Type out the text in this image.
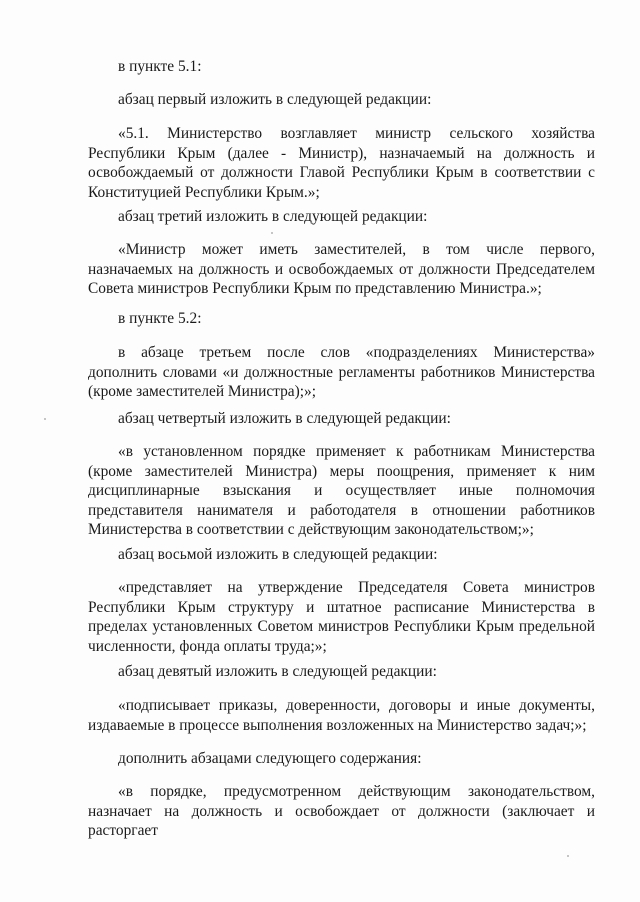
в пункте 5.1:

абзац первый изложить в следующей редакции:

«5.1. Министерство возглавляет министр сельского хозяйства Республики Крым (далее - Министр), назначаемый на должность и освобождаемый от должности Главой Республики Крым в соответствии с Конституцией Республики Крым.»;

абзац третий изложить в следующей редакции:

«Министр может иметь заместителей, в том числе первого, назначаемых на должность и освобождаемых от должности Председателем Совета министров Республики Крым по представлению Министра.»;

в пункте 5.2:

в абзаце третьем после слов «подразделениях Министерства» дополнить словами «и должностные регламенты работников Министерства (кроме заместителей Министра);»;

абзац четвертый изложить в следующей редакции:

«в установленном порядке применяет к работникам Министерства (кроме заместителей Министра) меры поощрения, применяет к ним дисциплинарные взыскания и осуществляет иные полномочия представителя нанимателя и работодателя в отношении работников Министерства в соответствии с действующим законодательством;»;

абзац восьмой изложить в следующей редакции:

«представляет на утверждение Председателя Совета министров Республики Крым структуру и штатное расписание Министерства в пределах установленных Советом министров Республики Крым предельной численности, фонда оплаты труда;»;

абзац девятый изложить в следующей редакции:

«подписывает приказы, доверенности, договоры и иные документы, издаваемые в процессе выполнения возложенных на Министерство задач;»;

дополнить абзацами следующего содержания:

«в порядке, предусмотренном действующим законодательством, назначает на должность и освобождает от должности (заключает и расторгает
